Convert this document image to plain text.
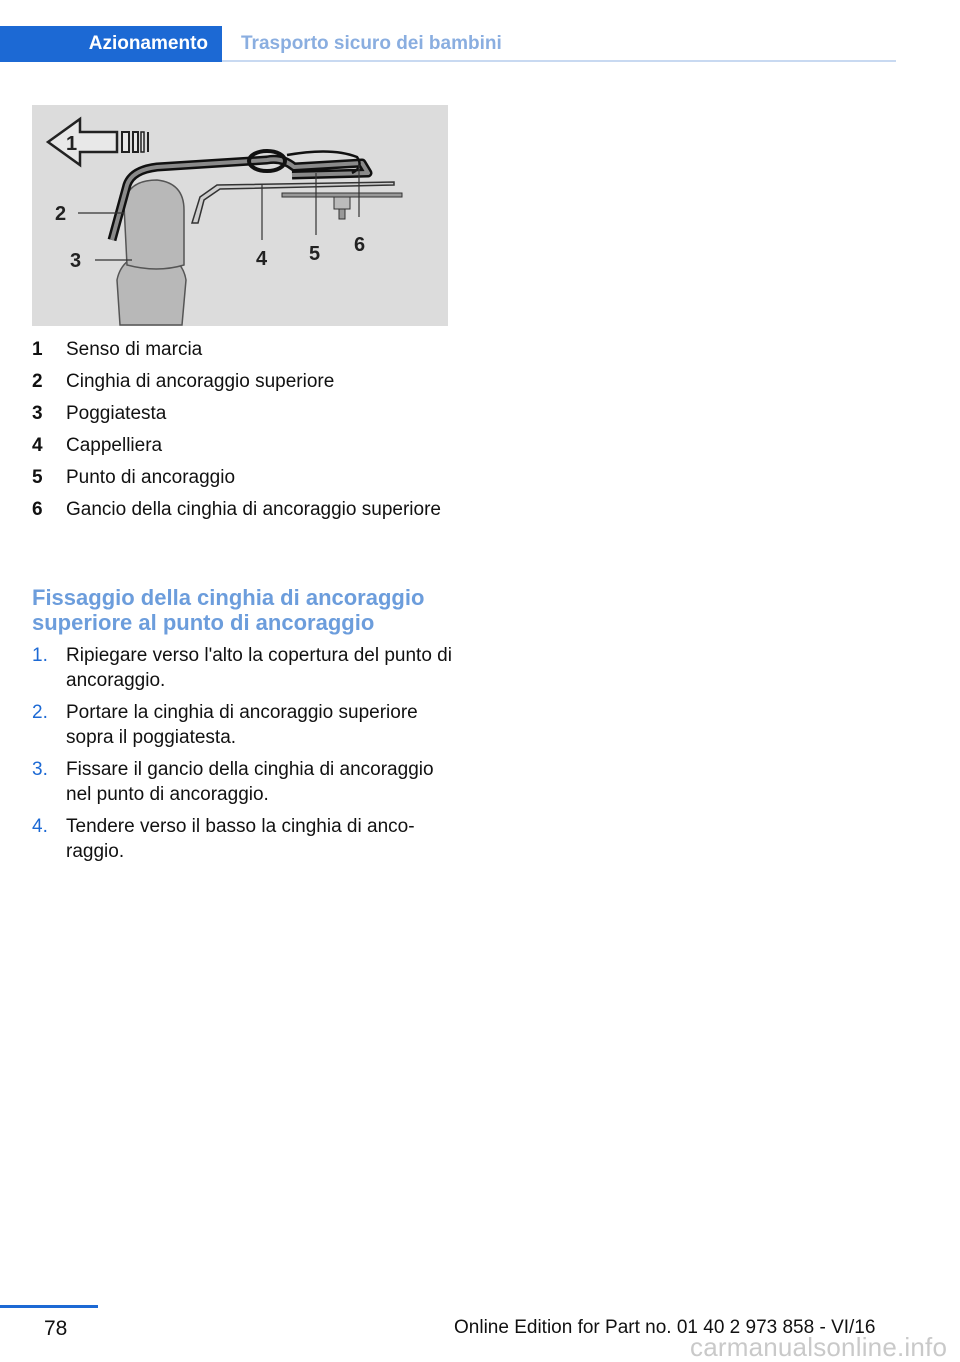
Azionamento Trasporto sicuro dei bambini
1
2
3	4 5 6
1	Senso di marcia
2	Cinghia di ancoraggio superiore
3	Poggiatesta
4	Cappelliera
5	Punto di ancoraggio
6	Gancio della cinghia di ancoraggio superiore
Fissaggio della cinghia di ancoraggio superiore al punto di ancoraggio
1. Ripiegare verso l'alto la copertura del punto di ancoraggio.
2. Portare la cinghia di ancoraggio superiore sopra il poggiatesta.
3. Fissare il gancio della cinghia di ancoraggio nel punto di ancoraggio.
4. Tendere verso il basso la cinghia di ancoraggio.
78	Online Edition for Part no. 01 40 2 973 858 - VI/16
carmanualsonline.info
